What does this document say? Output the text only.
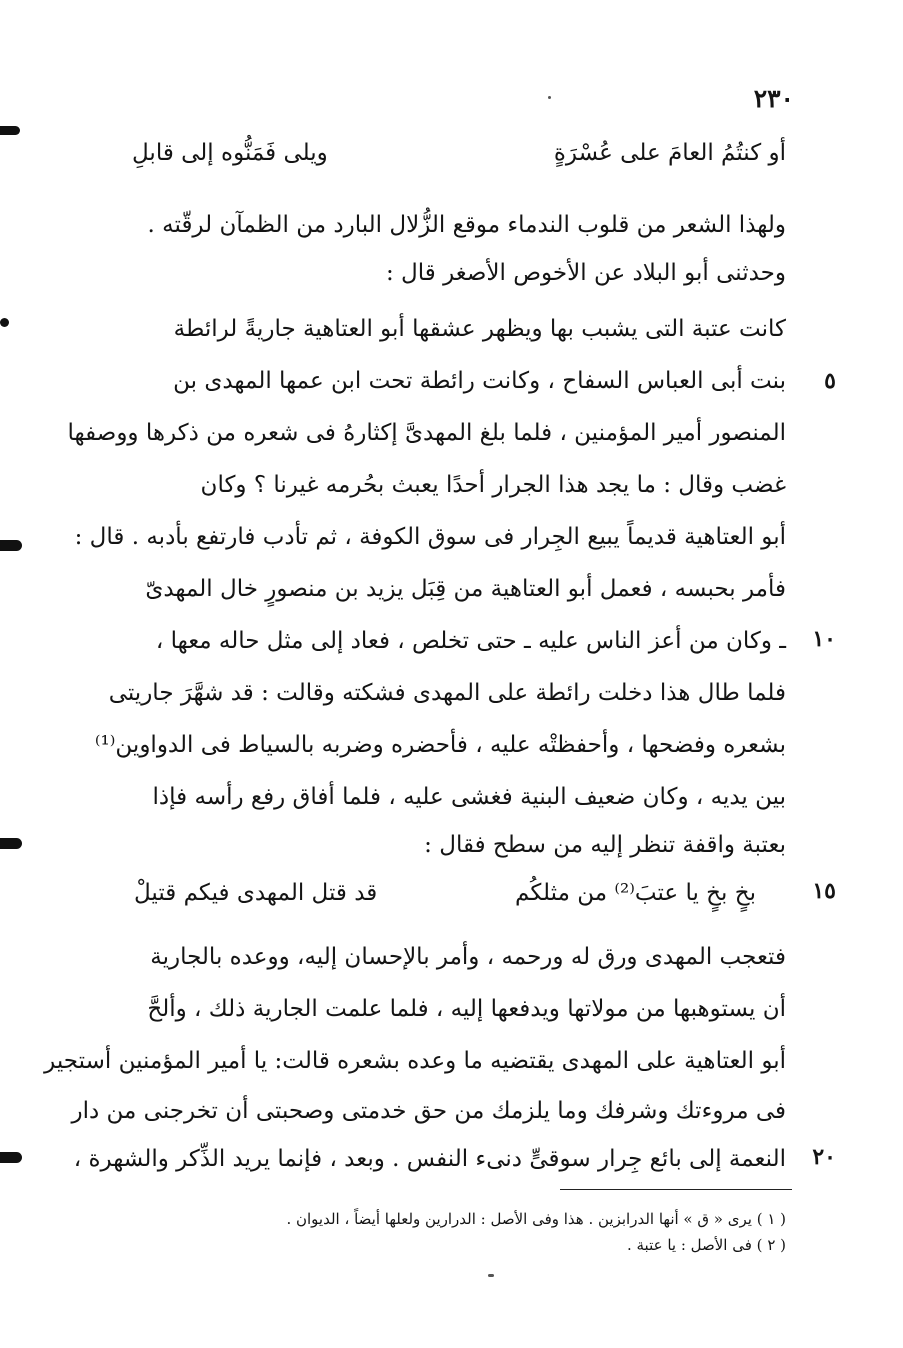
٢٣٠
أو كنتُمُ العامَ على عُسْرَةٍ
ويلى فَمَنُّوه إلى قابلِ
ولهذا الشعر من قلوب الندماء موقع الزُّلال البارد من الظمآن لرقّته .
وحدثنى أبو البلاد عن الأخوص الأصغر قال :
كانت عتبة التى يشبب بها ويظهر عشقها أبو العتاهية جاريةً لرائطة
بنت أبى العباس السفاح ، وكانت رائطة تحت ابن عمها المهدى بن
المنصور أمير المؤمنين ، فلما بلغ المهدىَّ إكثارهُ فى شعره من ذكرها ووصفها
غضب وقال : ما يجد هذا الجرار أحدًا يعبث بحُرمه غيرنا ؟ وكان
أبو العتاهية قديماً يبيع الجِرار فى سوق الكوفة ، ثم تأدب فارتفع بأدبه . قال :
فأمر بحبسه ، فعمل أبو العتاهية من قِبَل يزيد بن منصورٍ خال المهدىّ
ـ وكان من أعز الناس عليه ـ حتى تخلص ، فعاد إلى مثل حاله معها ،
فلما طال هذا دخلت رائطة على المهدى فشكته وقالت : قد شهَّرَ جاريتى
بشعره وفضحها ، وأحفظتْه عليه ، فأحضره وضربه بالسياط فى الدواوين⁽¹⁾
بين يديه ، وكان ضعيف البنية فغشى عليه ، فلما أفاق رفع رأسه فإذا
بعتبة واقفة تنظر إليه من سطح فقال :
بخٍ بخٍ يا عتبَ⁽²⁾ من مثلكُم
قد قتل المهدى فيكم قتيلْ
فتعجب المهدى ورق له ورحمه ، وأمر بالإحسان إليه، ووعده بالجارية
أن يستوهبها من مولاتها ويدفعها إليه ، فلما علمت الجارية ذلك ، وألحَّ
أبو العتاهية على المهدى يقتضيه ما وعده بشعره قالت: يا أمير المؤمنين أستجير
فى مروءتك وشرفك وما يلزمك من حق خدمتى وصحبتى أن تخرجنى من دار
النعمة إلى بائع جِرار سوقىٍّ دنىء النفس . وبعد ، فإنما يريد الذِّكر والشهرة ،
٥
١٠
١٥
٢٠
( ١ ) يرى « ق » أنها الدرابزين . هذا وفى الأصل : الدرارين ولعلها أيضاً ، الديوان .
( ٢ ) فى الأصل : يا عتبة .
